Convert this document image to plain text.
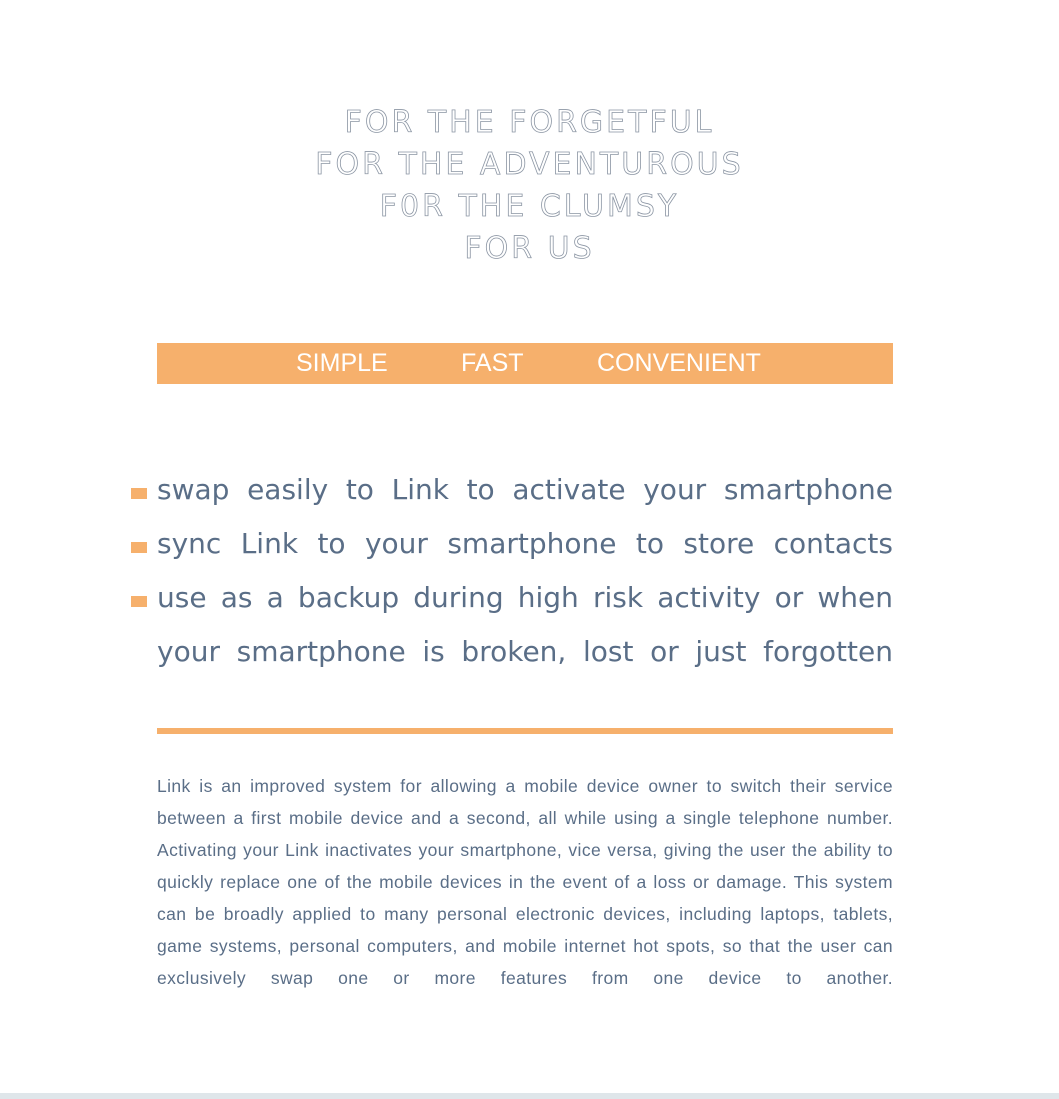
FOR THE FORGETFUL
FOR THE ADVENTUROUS
F0R THE CLUMSY
FOR US
SIMPLE	FAST	CONVENIENT
swap easily to Link to activate your smartphone
sync Link to your smartphone to store contacts
use as a backup during high risk activity or when
your smartphone is broken, lost or just forgotten

Link is an improved system for allowing a mobile device owner to switch their service between a first mobile device and a second, all while using a single telephone number. Activating your Link inactivates your smartphone, vice versa, giving the user the ability to quickly replace one of the mobile devices in the event of a loss or damage. This system can be broadly applied to many personal electronic devices, including laptops, tablets, game systems, personal computers, and mobile internet hot spots, so that the user can exclusively swap one or more features from one device to another.
